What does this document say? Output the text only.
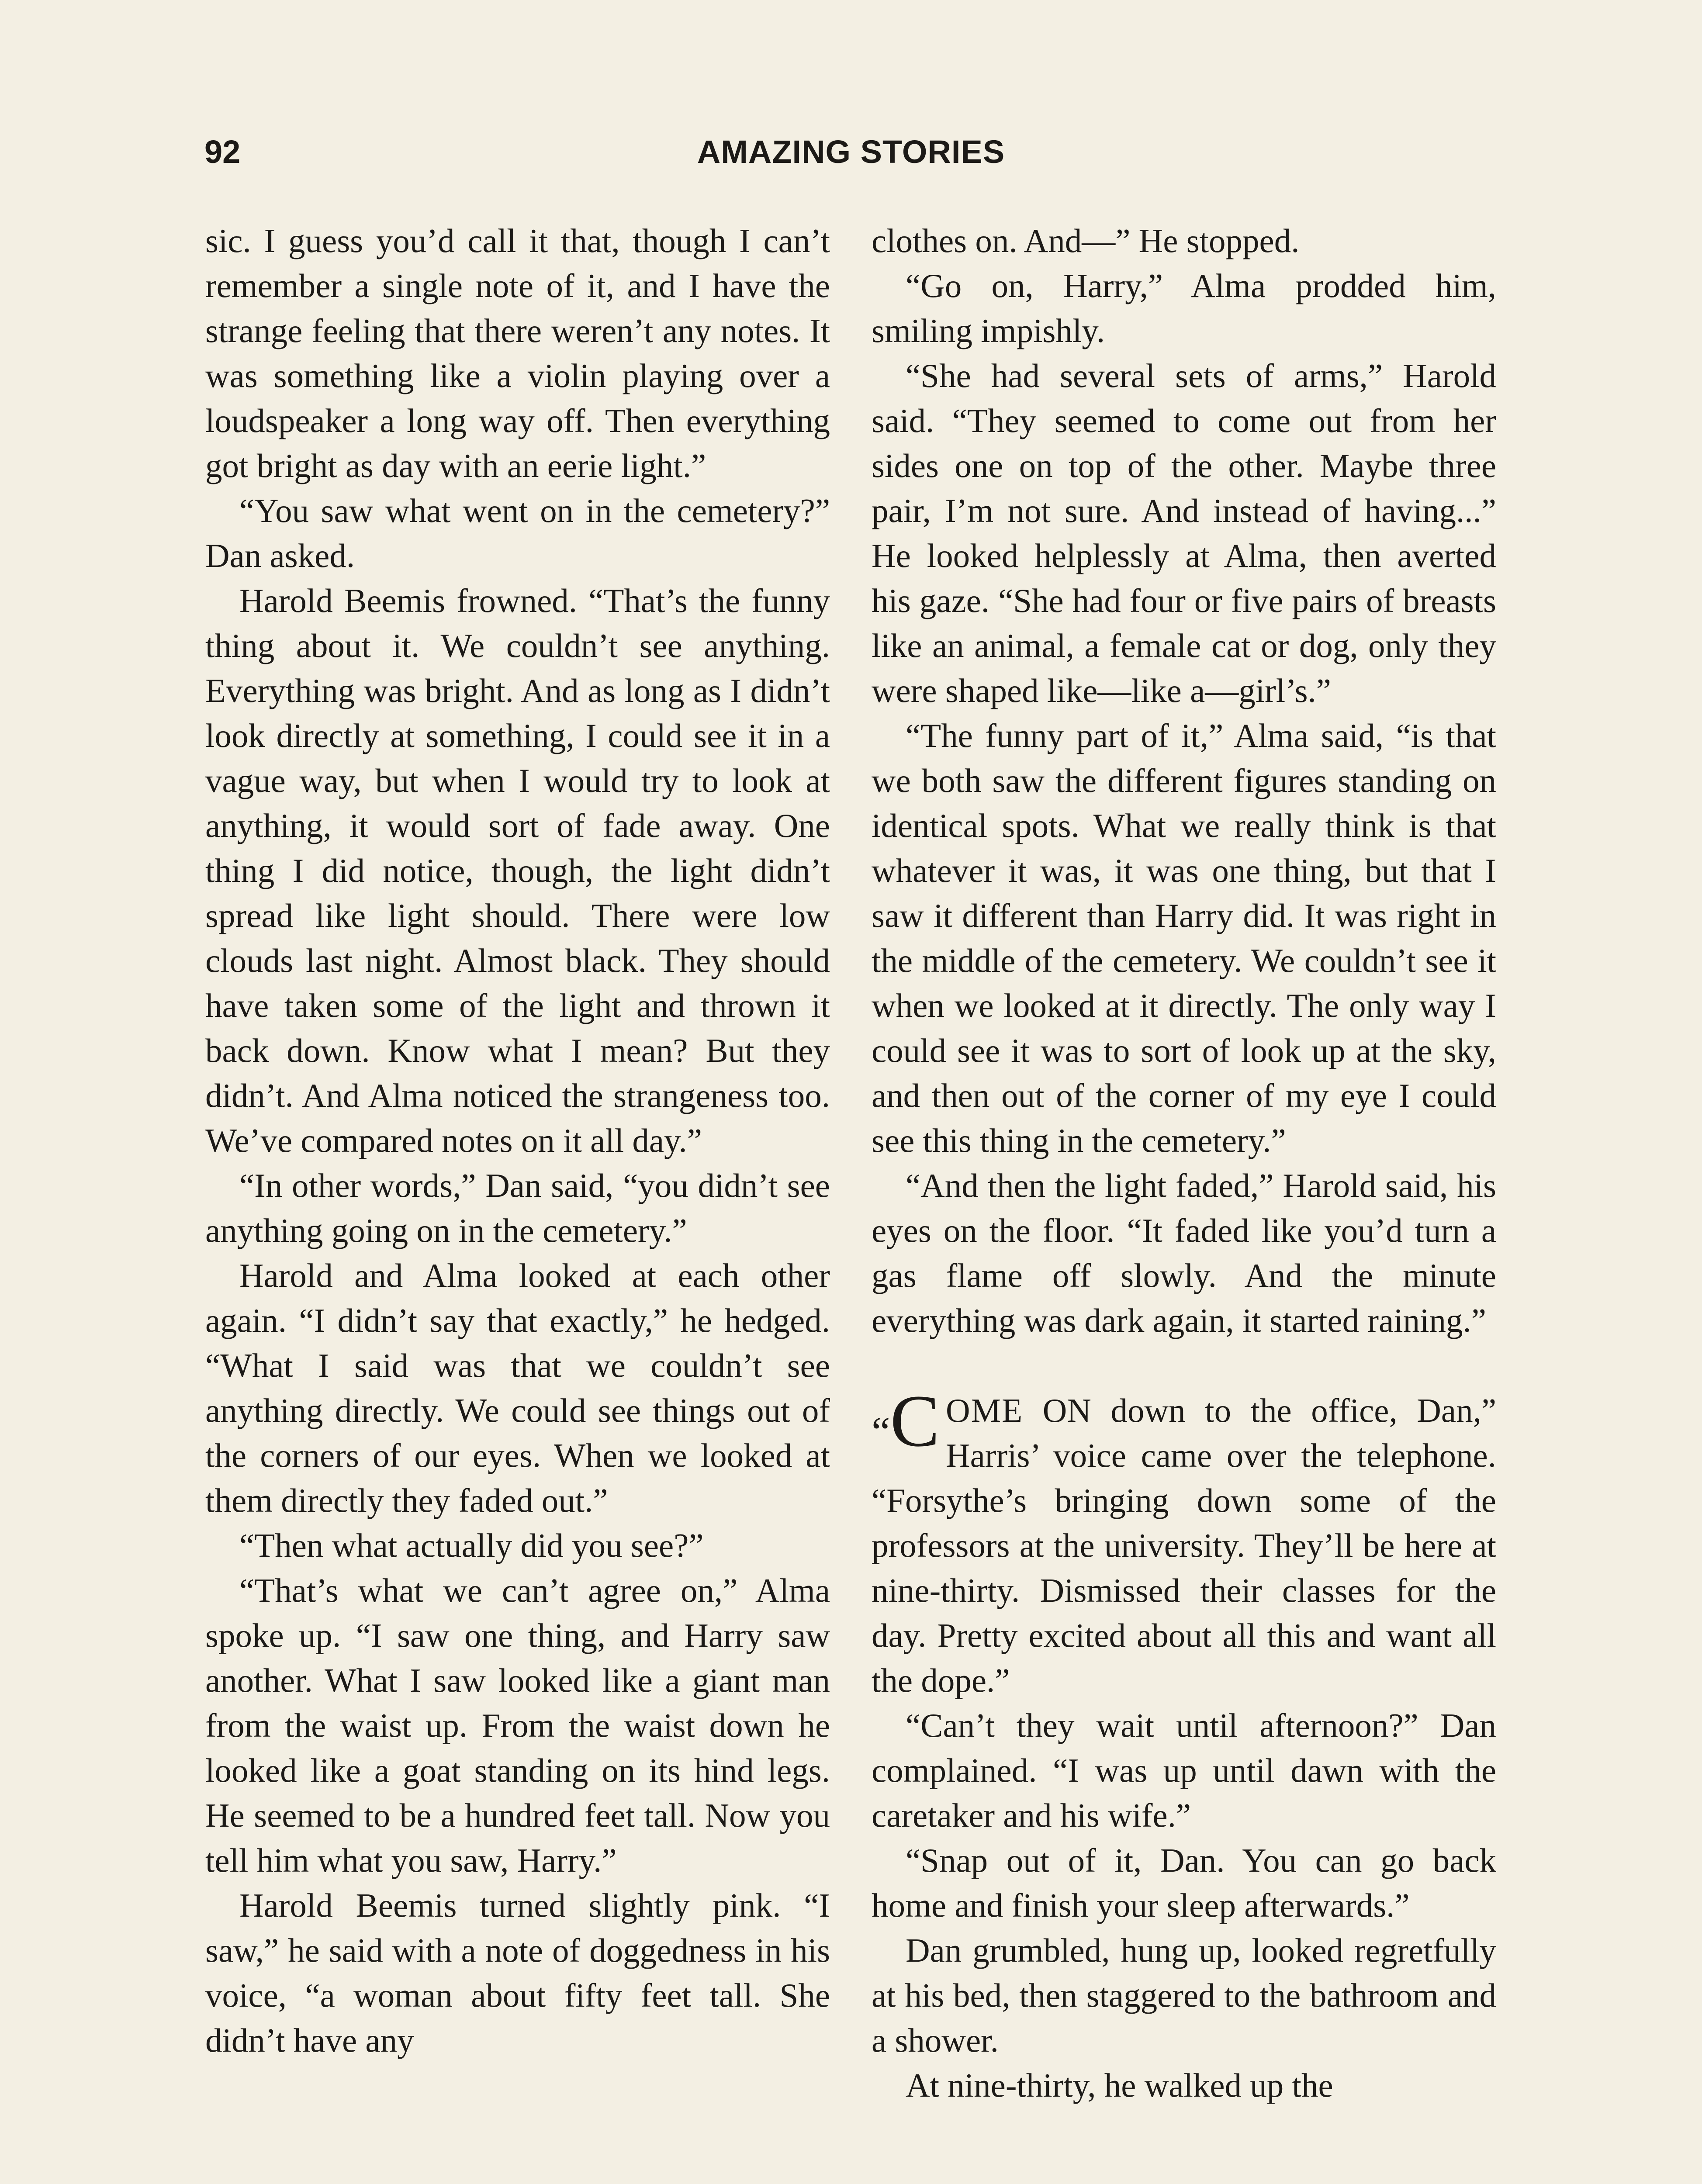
92	AMAZING STORIES

sic. I guess you’d call it that, though I can’t remember a single note of it, and I have the strange feeling that there weren’t any notes. It was something like a violin playing over a loudspeaker a long way off. Then everything got bright as day with an eerie light.”

“You saw what went on in the cemetery?” Dan asked.

Harold Beemis frowned. “That’s the funny thing about it. We couldn’t see anything. Everything was bright. And as long as I didn’t look directly at something, I could see it in a vague way, but when I would try to look at anything, it would sort of fade away. One thing I did notice, though, the light didn’t spread like light should. There were low clouds last night. Almost black. They should have taken some of the light and thrown it back down. Know what I mean? But they didn’t. And Alma noticed the strangeness too. We’ve compared notes on it all day.”

“In other words,” Dan said, “you didn’t see anything going on in the cemetery.”

Harold and Alma looked at each other again. “I didn’t say that exactly,” he hedged. “What I said was that we couldn’t see anything directly. We could see things out of the corners of our eyes. When we looked at them directly they faded out.”

“Then what actually did you see?”

“That’s what we can’t agree on,” Alma spoke up. “I saw one thing, and Harry saw another. What I saw looked like a giant man from the waist up. From the waist down he looked like a goat standing on its hind legs. He seemed to be a hundred feet tall. Now you tell him what you saw, Harry.”

Harold Beemis turned slightly pink. “I saw,” he said with a note of doggedness in his voice, “a woman about fifty feet tall. She didn’t have any

clothes on. And—” He stopped.

“Go on, Harry,” Alma prodded him, smiling impishly.

“She had several sets of arms,” Harold said. “They seemed to come out from her sides one on top of the other. Maybe three pair, I’m not sure. And instead of having...” He looked helplessly at Alma, then averted his gaze. “She had four or five pairs of breasts like an animal, a female cat or dog, only they were shaped like—like a—girl’s.”

“The funny part of it,” Alma said, “is that we both saw the different figures standing on identical spots. What we really think is that whatever it was, it was one thing, but that I saw it different than Harry did. It was right in the middle of the cemetery. We couldn’t see it when we looked at it directly. The only way I could see it was to sort of look up at the sky, and then out of the corner of my eye I could see this thing in the cemetery.”

“And then the light faded,” Harold said, his eyes on the floor. “It faded like you’d turn a gas flame off slowly. And the minute everything was dark again, it started raining.”

“C OME ON down to the office, Dan,” Harris’ voice came over the telephone. “Forsythe’s bringing down some of the professors at the university. They’ll be here at nine-thirty. Dismissed their classes for the day. Pretty excited about all this and want all the dope.”

“Can’t they wait until afternoon?” Dan complained. “I was up until dawn with the caretaker and his wife.”

“Snap out of it, Dan. You can go back home and finish your sleep afterwards.”

Dan grumbled, hung up, looked regretfully at his bed, then staggered to the bathroom and a shower.

At nine-thirty, he walked up the
